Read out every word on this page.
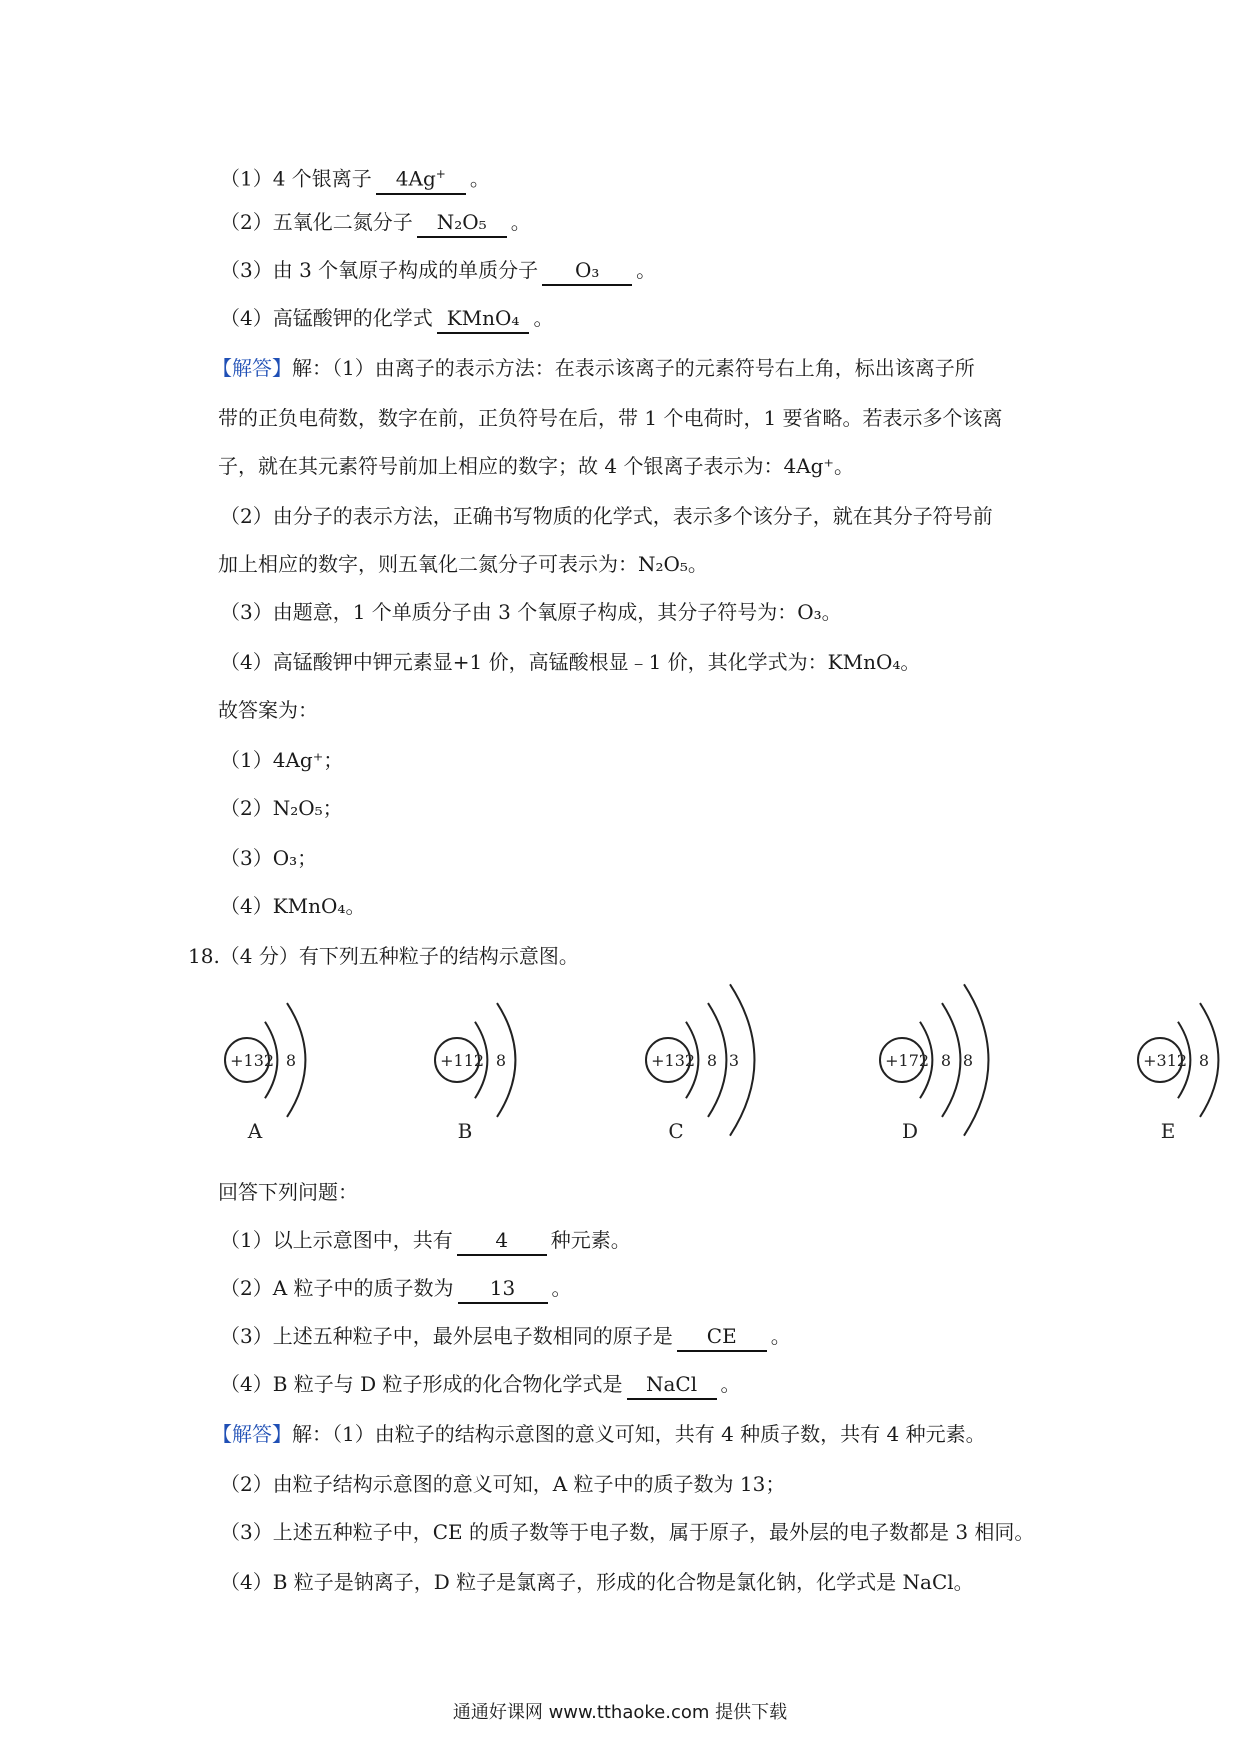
（1）4 个银离子 4Ag+ 。
（2）五氧化二氮分子 N₂O₅ 。
（3）由 3 个氧原子构成的单质分子 O₃ 。
（4）高锰酸钾的化学式 KMnO₄ 。
【解答】解：（1）由离子的表示方法：在表示该离子的元素符号右上角，标出该离子所
带的正负电荷数，数字在前，正负符号在后，带 1 个电荷时，1 要省略。若表示多个该离
子，就在其元素符号前加上相应的数字；故 4 个银离子表示为：4Ag⁺。
（2）由分子的表示方法，正确书写物质的化学式，表示多个该分子，就在其分子符号前
加上相应的数字，则五氧化二氮分子可表示为：N₂O₅。
（3）由题意，1 个单质分子由 3 个氧原子构成，其分子符号为：O₃。
（4）高锰酸钾中钾元素显+1 价，高锰酸根显﹣1 价，其化学式为：KMnO₄。
故答案为：
（1）4Ag⁺；
（2）N₂O₅；
（3）O₃；
（4）KMnO₄。
18.（4 分）有下列五种粒子的结构示意图。
+13 2 8
A
+11 2 8
B
+13 2 8 3
C
+17 2 8 8
D
+31 2 8
E
回答下列问题：
（1）以上示意图中，共有 4 种元素。
（2）A 粒子中的质子数为 13 。
（3）上述五种粒子中，最外层电子数相同的原子是 CE 。
（4）B 粒子与 D 粒子形成的化合物化学式是 NaCl 。
【解答】解：（1）由粒子的结构示意图的意义可知，共有 4 种质子数，共有 4 种元素。
（2）由粒子结构示意图的意义可知，A 粒子中的质子数为 13；
（3）上述五种粒子中，CE 的质子数等于电子数，属于原子，最外层的电子数都是 3 相同。
（4）B 粒子是钠离子，D 粒子是氯离子，形成的化合物是氯化钠，化学式是 NaCl。
通通好课网 www.tthaoke.com 提供下载
